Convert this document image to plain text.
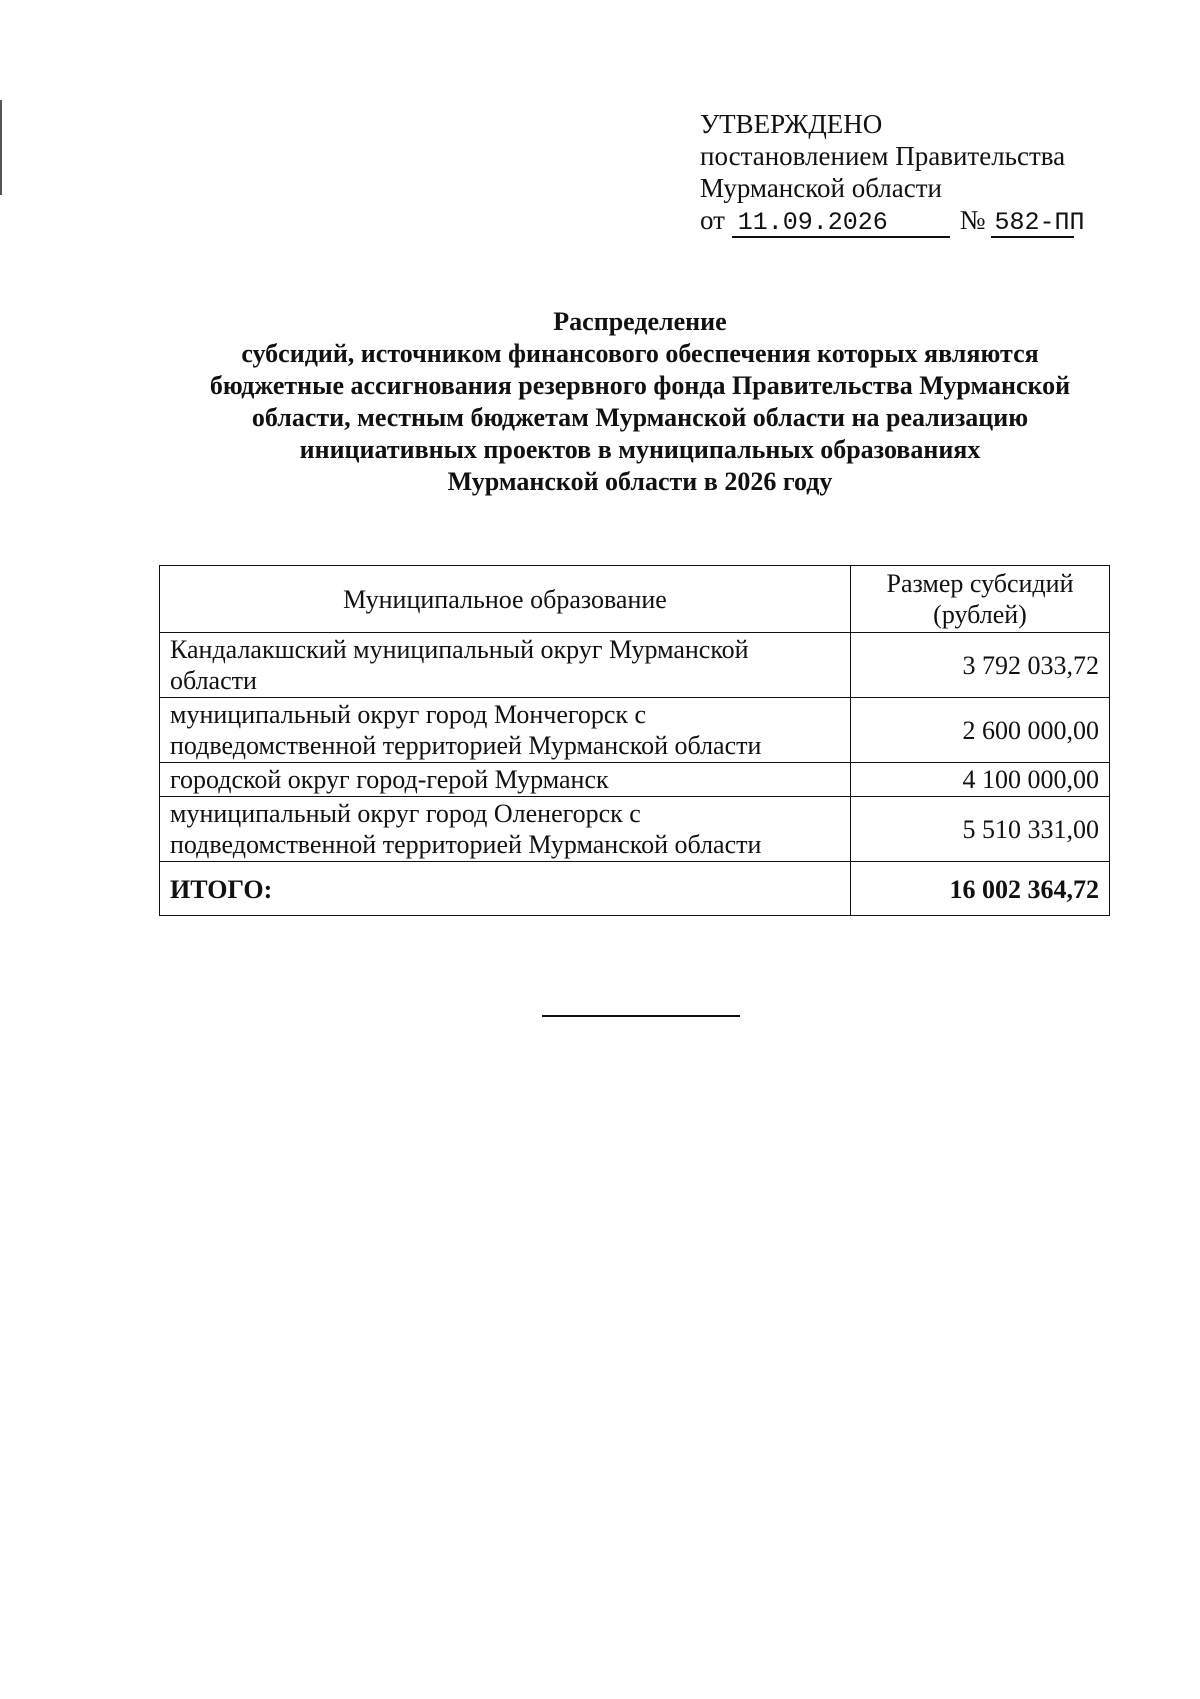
УТВЕРЖДЕНО
постановлением Правительства
Мурманской области
от 11.09.2026	№ 582-ПП
Распределение
субсидий, источником финансового обеспечения которых являются
бюджетные ассигнования резервного фонда Правительства Мурманской
области, местным бюджетам Мурманской области на реализацию
инициативных проектов в муниципальных образованиях
Мурманской области в 2026 году
Муниципальное образование	Размер субсидий
(рублей)

Кандалакшский муниципальный округ Мурманской
области	3 792 033,72

муниципальный округ город Мончегорск с
подведомственной территорией Мурманской области	2 600 000,00
городской округ город-герой Мурманск	4 100 000,00

муниципальный округ город Оленегорск с
подведомственной территорией Мурманской области	5 510 331,00
ИТОГО:	16 002 364,72
